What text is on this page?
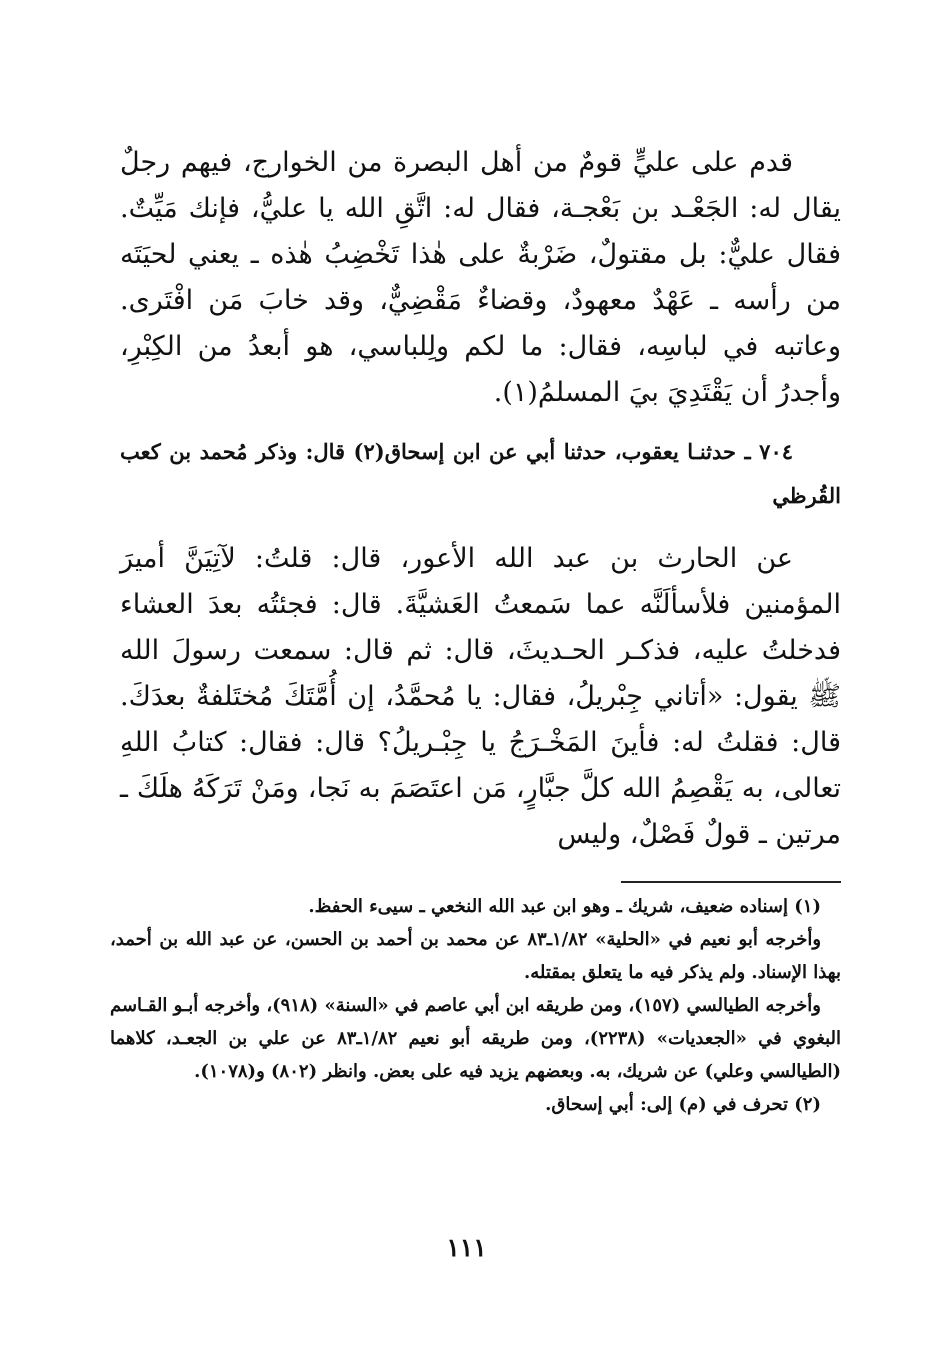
قدم على عليٍّ قومٌ من أهل البصرة من الخوارج، فيهم رجلٌ يقال له: الجَعْـد بن بَعْجـة، فقال له: اتَّقِ الله يا عليُّ، فإنك مَيِّتٌ. فقال عليٌّ: بل مقتولٌ، ضَرْبةٌ على هٰذا تَخْضِبُ هٰذه ـ يعني لحيَتَه من رأسه ـ عَهْدٌ معهودٌ، وقضاءٌ مَقْضِيٌّ، وقد خابَ مَن افْتَرى. وعاتبه في لباسِه، فقال: ما لكم ولِلباسي، هو أبعدُ من الكِبْرِ، وأجدرُ أن يَقْتَدِيَ بيَ المسلمُ(١).

٧٠٤ ـ حدثنـا يعقوب، حدثنا أبي عن ابن إسحاق(٢) قال: وذكر مُحمد بن كعب القُرظي

عن الحارث بن عبد الله الأعور، قال: قلتُ: لآتِيَنَّ أميرَ المؤمنين فلأسألَنَّه عما سَمعتُ العَشيَّةَ. قال: فجئتُه بعدَ العشاء فدخلتُ عليه، فذكـر الحـديثَ، قال: ثم قال: سمعت رسولَ الله ﷺ يقول: «أتاني جِبْريلُ، فقال: يا مُحمَّدُ، إن أُمَّتَكَ مُختَلفةٌ بعدَكَ. قال: فقلتُ له: فأينَ المَخْـرَجُ يا جِبْـريلُ؟ قال: فقال: كتابُ اللهِ تعالى، به يَقْصِمُ الله كلَّ جبَّارٍ، مَن اعتَصَمَ به نَجا، ومَنْ تَرَكَهُ هلَكَ ـ مرتين ـ قولٌ فَصْلٌ، وليس

(١) إسناده ضعيف، شريك ـ وهو ابن عبد الله النخعي ـ سيىء الحفظ.

وأخرجه أبو نعيم في «الحلية» ١/٨٢ـ٨٣ عن محمد بن أحمد بن الحسن، عن عبد الله بن أحمد، بهذا الإسناد. ولم يذكر فيه ما يتعلق بمقتله.

وأخرجه الطيالسي (١٥٧)، ومن طريقه ابن أبي عاصم في «السنة» (٩١٨)، وأخرجه أبـو القـاسم البغوي في «الجعديات» (٢٢٣٨)، ومن طريقه أبو نعيم ١/٨٢ـ٨٣ عن علي بن الجعـد، كلاهما (الطيالسي وعلي) عن شريك، به. وبعضهم يزيد فيه على بعض. وانظر (٨٠٢) و(١٠٧٨).

(٢) تحرف في (م) إلى: أبي إسحاق.

١١١
